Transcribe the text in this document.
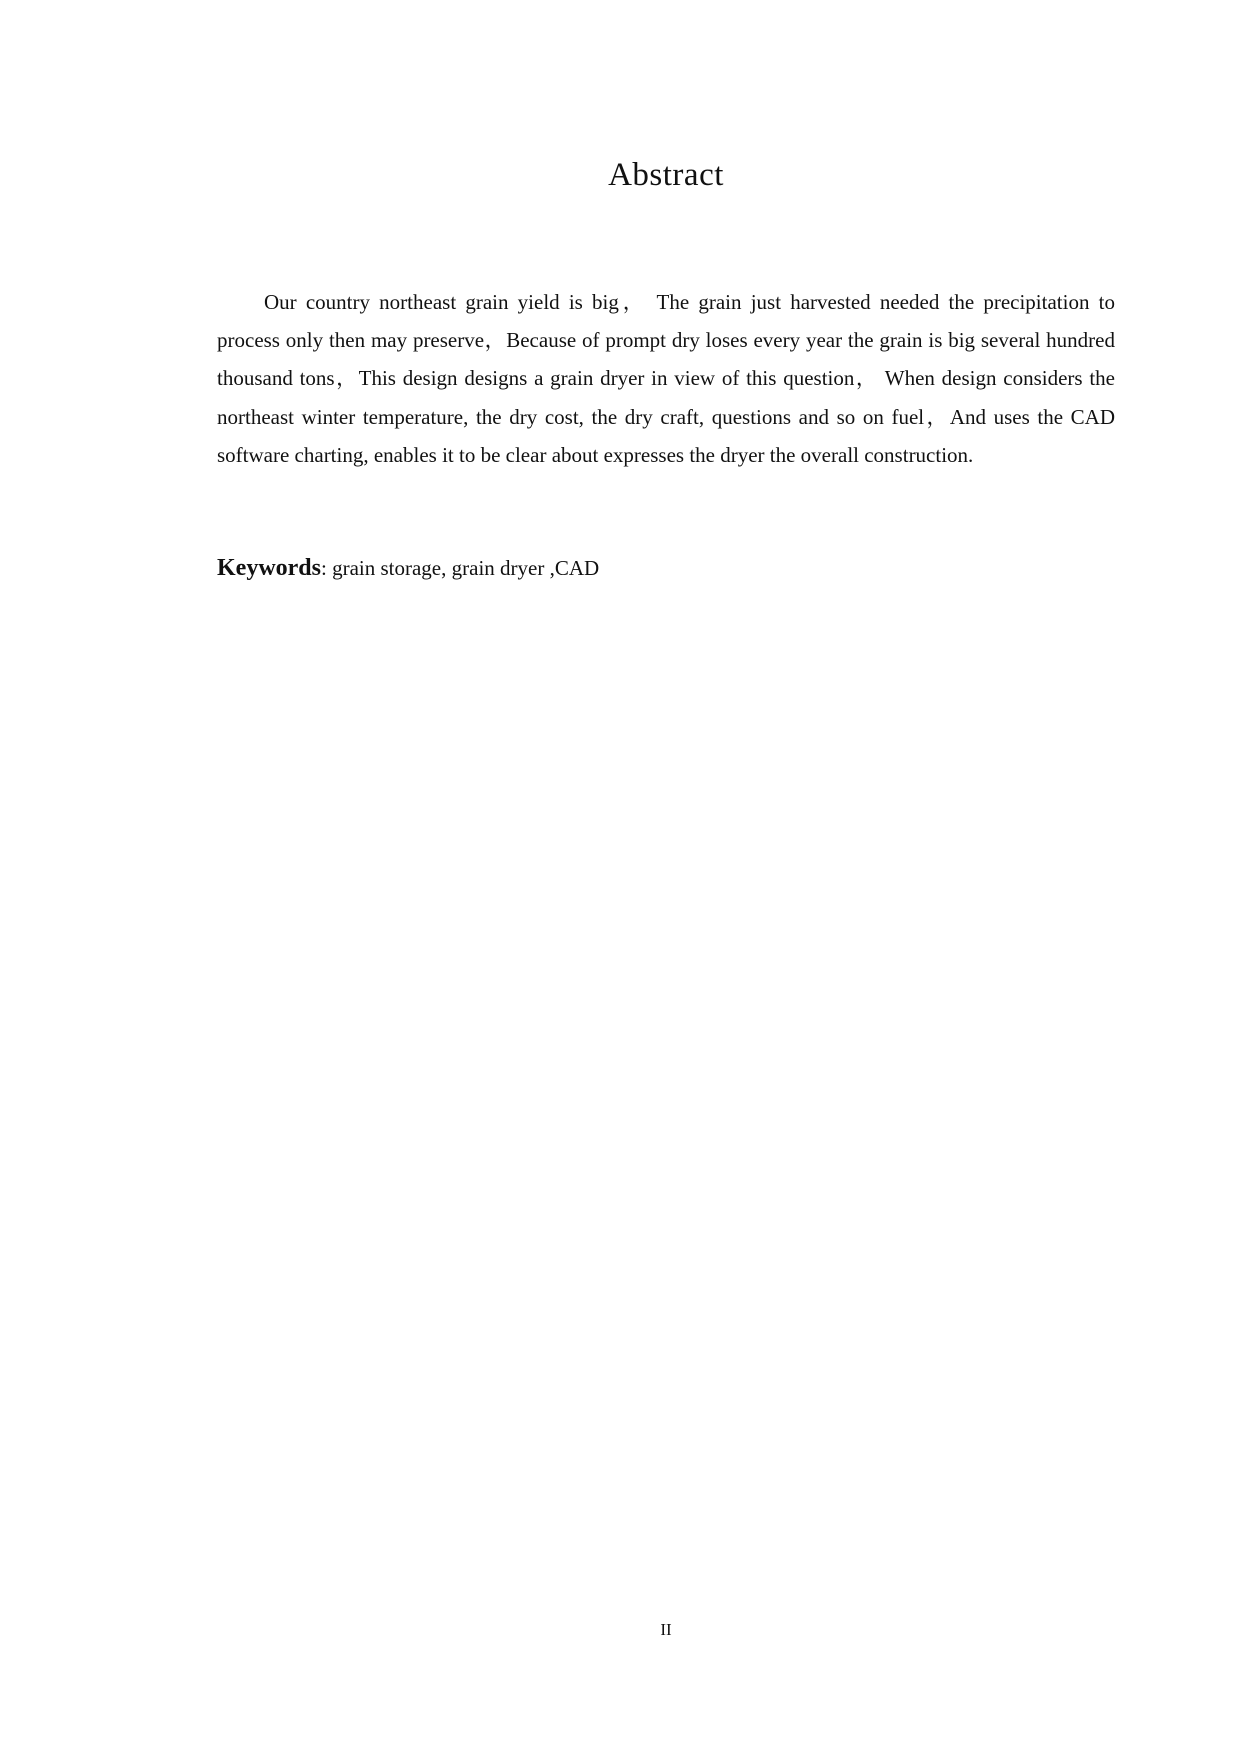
Abstract

Our country northeast grain yield is big， The grain just harvested needed the precipitation to process only then may preserve，Because of prompt dry loses every year the grain is big several hundred thousand tons，This design designs a grain dryer in view of this question， When design considers the northeast winter temperature, the dry cost, the dry craft, questions and so on fuel，And uses the CAD software charting, enables it to be clear about expresses the dryer the overall construction.

Keywords: grain storage, grain dryer ,CAD
II
